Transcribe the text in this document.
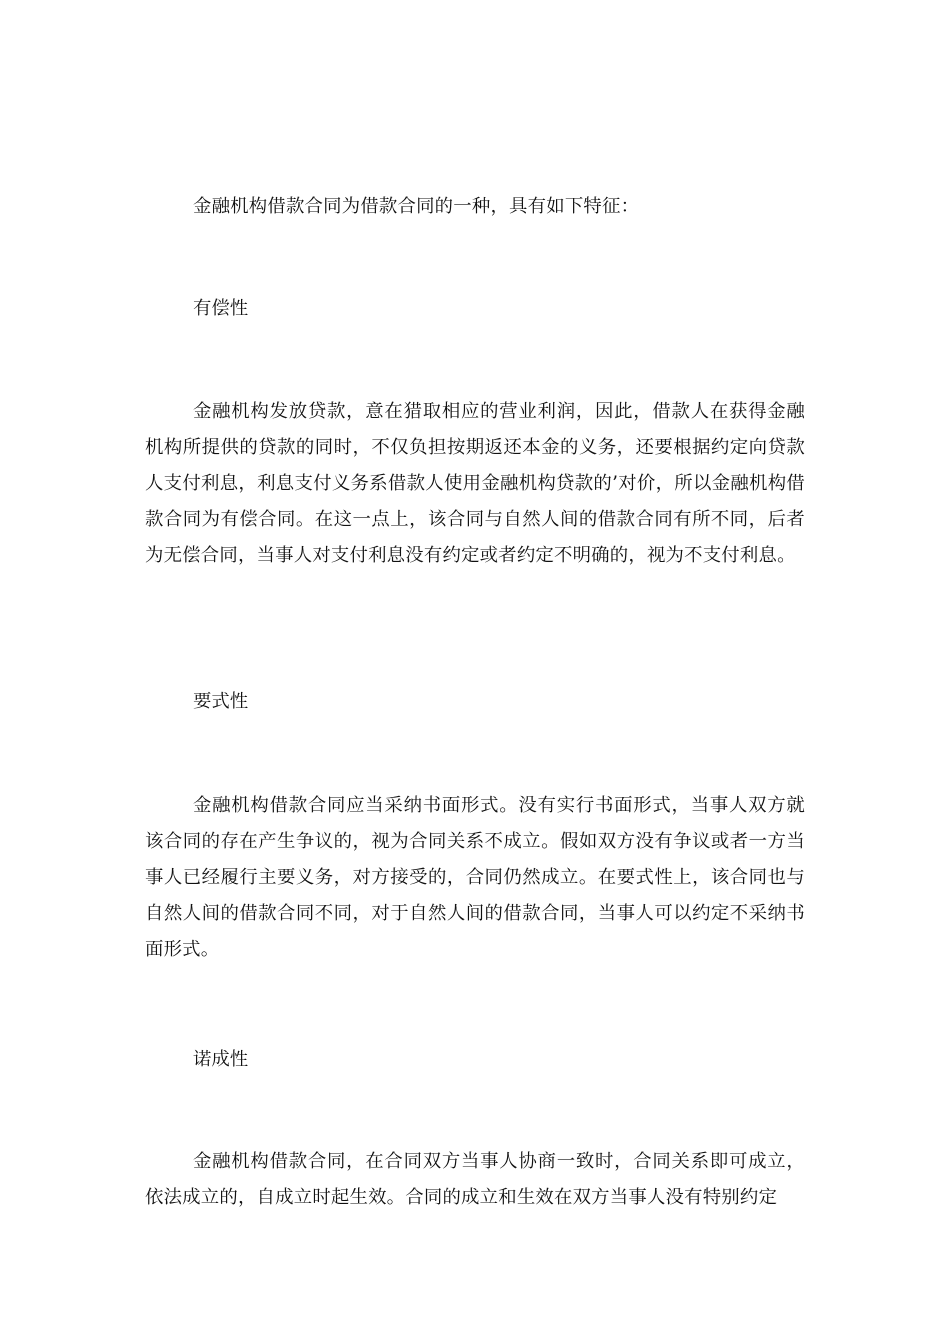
金融机构借款合同为借款合同的一种，具有如下特征：

有偿性

金融机构发放贷款，意在猎取相应的营业利润，因此，借款人在获得金融机构所提供的贷款的同时，不仅负担按期返还本金的义务，还要根据约定向贷款人支付利息，利息支付义务系借款人使用金融机构贷款的’对价，所以金融机构借款合同为有偿合同。在这一点上，该合同与自然人间的借款合同有所不同，后者为无偿合同，当事人对支付利息没有约定或者约定不明确的，视为不支付利息。

要式性

金融机构借款合同应当采纳书面形式。没有实行书面形式，当事人双方就该合同的存在产生争议的，视为合同关系不成立。假如双方没有争议或者一方当事人已经履行主要义务，对方接受的，合同仍然成立。在要式性上，该合同也与自然人间的借款合同不同，对于自然人间的借款合同，当事人可以约定不采纳书面形式。

诺成性

金融机构借款合同，在合同双方当事人协商一致时，合同关系即可成立，依法成立的，自成立时起生效。合同的成立和生效在双方当事人没有特别约定
